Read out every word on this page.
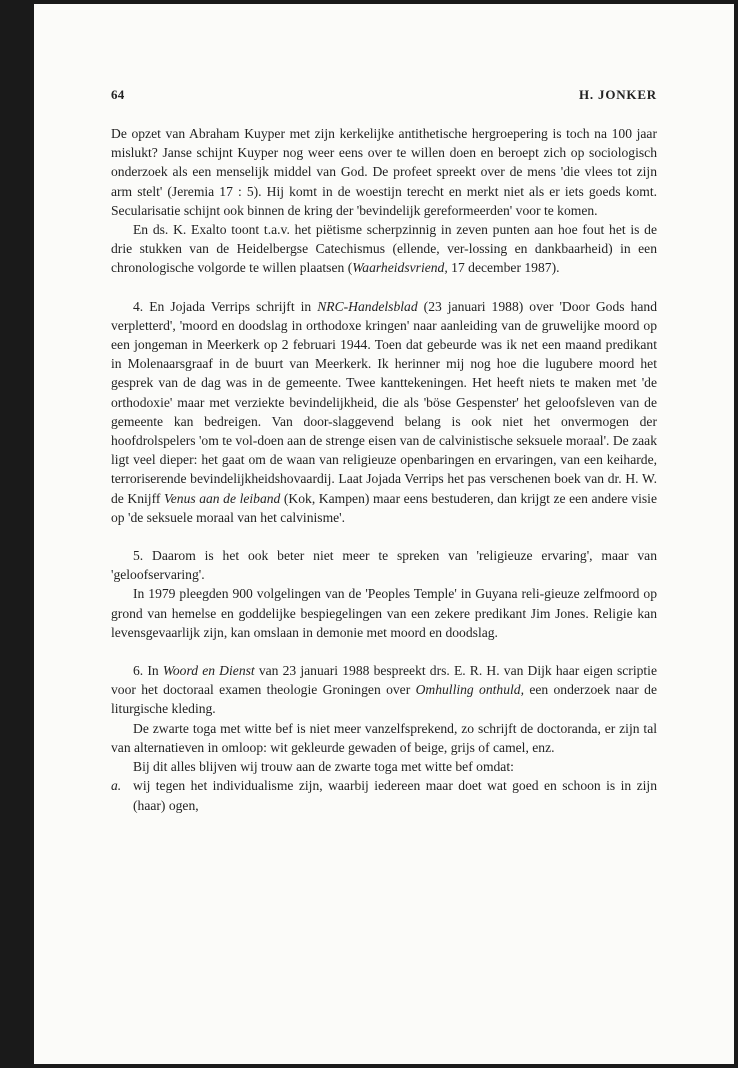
64	H. JONKER

De opzet van Abraham Kuyper met zijn kerkelijke antithetische hergroepering is toch na 100 jaar mislukt? Janse schijnt Kuyper nog weer eens over te willen doen en beroept zich op sociologisch onderzoek als een menselijk middel van God. De profeet spreekt over de mens 'die vlees tot zijn arm stelt' (Jeremia 17 : 5). Hij komt in de woestijn terecht en merkt niet als er iets goeds komt. Secularisatie schijnt ook binnen de kring der 'bevindelijk gereformeerden' voor te komen.

En ds. K. Exalto toont t.a.v. het piëtisme scherpzinnig in zeven punten aan hoe fout het is de drie stukken van de Heidelbergse Catechismus (ellende, ver-lossing en dankbaarheid) in een chronologische volgorde te willen plaatsen (Waarheidsvriend, 17 december 1987).

4. En Jojada Verrips schrijft in NRC-Handelsblad (23 januari 1988) over 'Door Gods hand verpletterd', 'moord en doodslag in orthodoxe kringen' naar aanleiding van de gruwelijke moord op een jongeman in Meerkerk op 2 februari 1944. Toen dat gebeurde was ik net een maand predikant in Molenaarsgraaf in de buurt van Meerkerk. Ik herinner mij nog hoe die lugubere moord het gesprek van de dag was in de gemeente. Twee kanttekeningen. Het heeft niets te maken met 'de orthodoxie' maar met verziekte bevindelijkheid, die als 'böse Gespenster' het geloofsleven van de gemeente kan bedreigen. Van door-slaggevend belang is ook niet het onvermogen der hoofdrolspelers 'om te vol-doen aan de strenge eisen van de calvinistische seksuele moraal'. De zaak ligt veel dieper: het gaat om de waan van religieuze openbaringen en ervaringen, van een keiharde, terroriserende bevindelijkheidshovaardij. Laat Jojada Verrips het pas verschenen boek van dr. H. W. de Knijff Venus aan de leiband (Kok, Kampen) maar eens bestuderen, dan krijgt ze een andere visie op 'de seksuele moraal van het calvinisme'.

5. Daarom is het ook beter niet meer te spreken van 'religieuze ervaring', maar van 'geloofservaring'.

In 1979 pleegden 900 volgelingen van de 'Peoples Temple' in Guyana reli-gieuze zelfmoord op grond van hemelse en goddelijke bespiegelingen van een zekere predikant Jim Jones. Religie kan levensgevaarlijk zijn, kan omslaan in demonie met moord en doodslag.

6. In Woord en Dienst van 23 januari 1988 bespreekt drs. E. R. H. van Dijk haar eigen scriptie voor het doctoraal examen theologie Groningen over Omhulling onthuld, een onderzoek naar de liturgische kleding.

De zwarte toga met witte bef is niet meer vanzelfsprekend, zo schrijft de doctoranda, er zijn tal van alternatieven in omloop: wit gekleurde gewaden of beige, grijs of camel, enz.

Bij dit alles blijven wij trouw aan de zwarte toga met witte bef omdat:

a. wij tegen het individualisme zijn, waarbij iedereen maar doet wat goed en schoon is in zijn (haar) ogen,
